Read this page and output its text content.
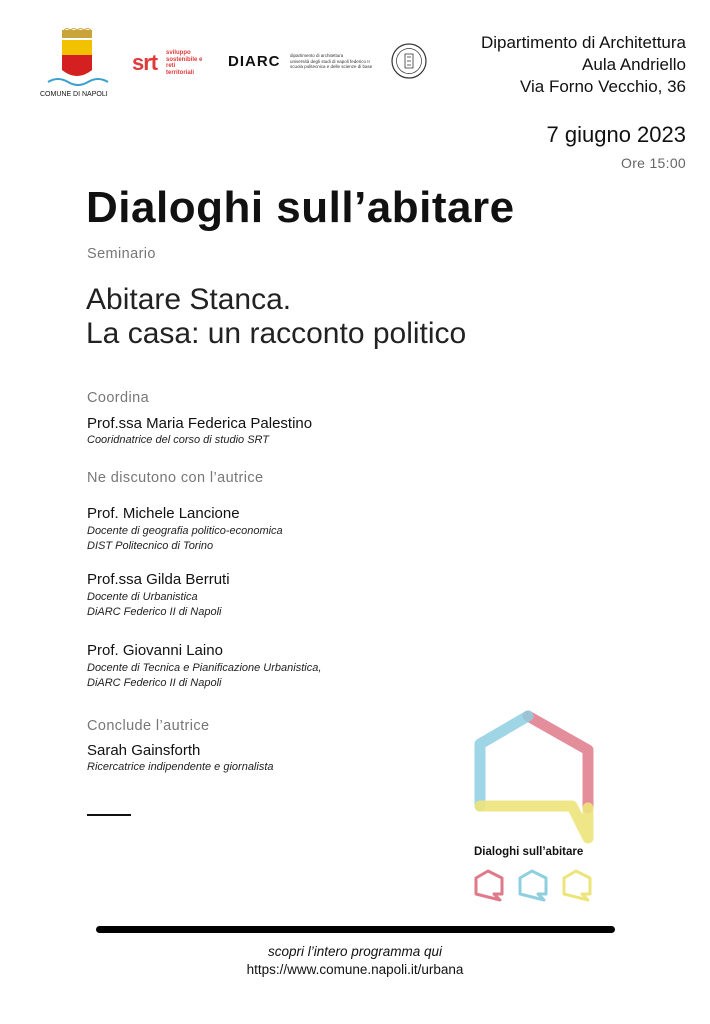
COMUNE DI NAPOLI
srt sviluppo
sostenibile e
reti
territoriali
DIARC dipartimento di architettura
università degli studi di napoli federico II
scuola politecnica e delle scienze di base
Dipartimento di Architettura
Aula Andriello
Via Forno Vecchio, 36
7 giugno 2023
Ore 15:00
Dialoghi sull’abitare
Seminario
Abitare Stanca.
La casa: un racconto politico
Coordina
Prof.ssa Maria Federica Palestino
Cooridnatrice del corso di studio SRT
Ne discutono con l’autrice
Prof. Michele Lancione
Docente di geografia politico-economica
DIST Politecnico di Torino
Prof.ssa Gilda Berruti
Docente di Urbanistica
DiARC Federico II di Napoli
Prof. Giovanni Laino
Docente di Tecnica e Pianificazione Urbanistica,
DiARC Federico II di Napoli
Conclude l’autrice
Sarah Gainsforth
Ricercatrice indipendente e giornalista
Dialoghi sull’abitare
scopri l’intero programma qui
https://www.comune.napoli.it/urbana
